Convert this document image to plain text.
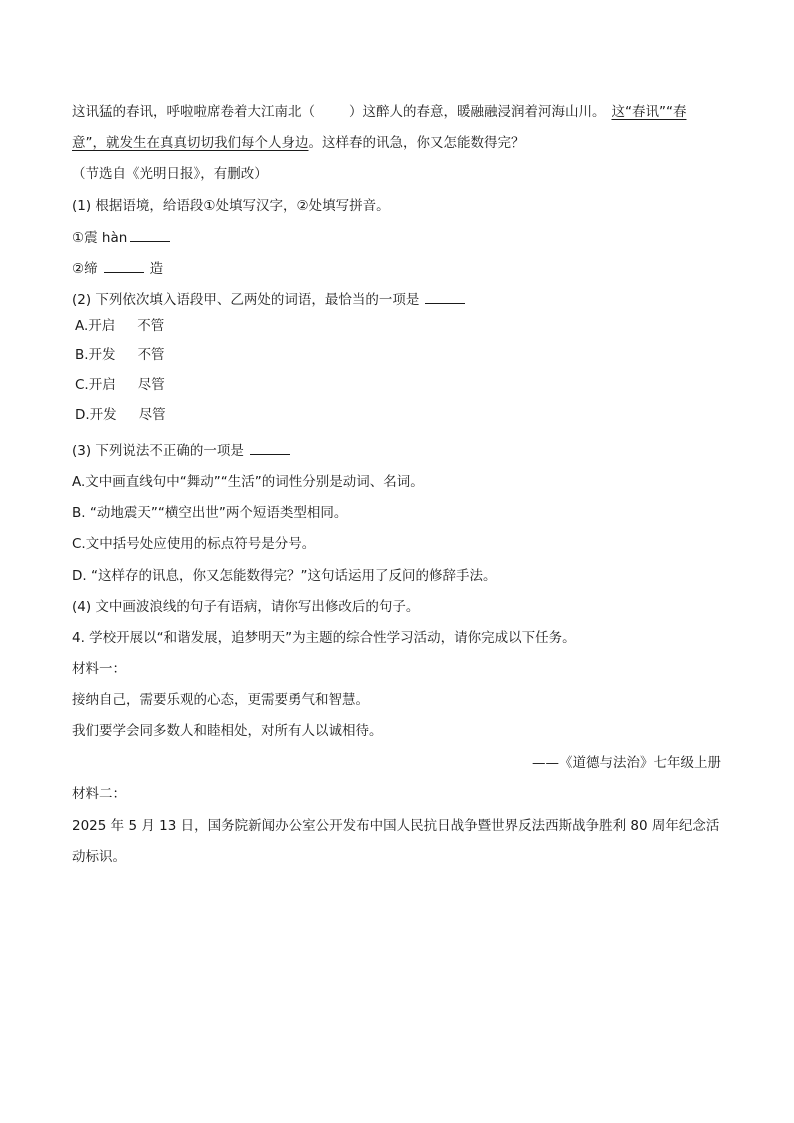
这讯猛的春讯，呼啦啦席卷着大江南北（	）这醉人的春意，暖融融浸润着河海山川。 这“春讯”“春
意”，就发生在真真切切我们每个人身边。这样春的讯急，你又怎能数得完？
（节选自《光明日报》，有删改）
(1) 根据语境，给语段①处填写汉字，②处填写拼音。
①震 hàn
②缔	造
(2) 下列依次填入语段甲、乙两处的词语，最恰当的一项是
A.开启 不管
B.开发 不管
C.开启 尽管
D.开发 尽管
(3) 下列说法不正确的一项是
A.文中画直线句中“舞动”“生活”的词性分别是动词、名词。
B. “动地震天”“横空出世”两个短语类型相同。
C.文中括号处应使用的标点符号是分号。
D. “这样存的讯息，你又怎能数得完？”这句话运用了反问的修辞手法。
(4) 文中画波浪线的句子有语病，请你写出修改后的句子。
4. 学校开展以“和谐发展，追梦明天”为主题的综合性学习活动，请你完成以下任务。
材料一：
接纳自己，需要乐观的心态，更需要勇气和智慧。
我们要学会同多数人和睦相处，对所有人以诚相待。
——《道德与法治》七年级上册
材料二：
2025 年 5 月 13 日，国务院新闻办公室公开发布中国人民抗日战争暨世界反法西斯战争胜利 80 周年纪念活
动标识。
